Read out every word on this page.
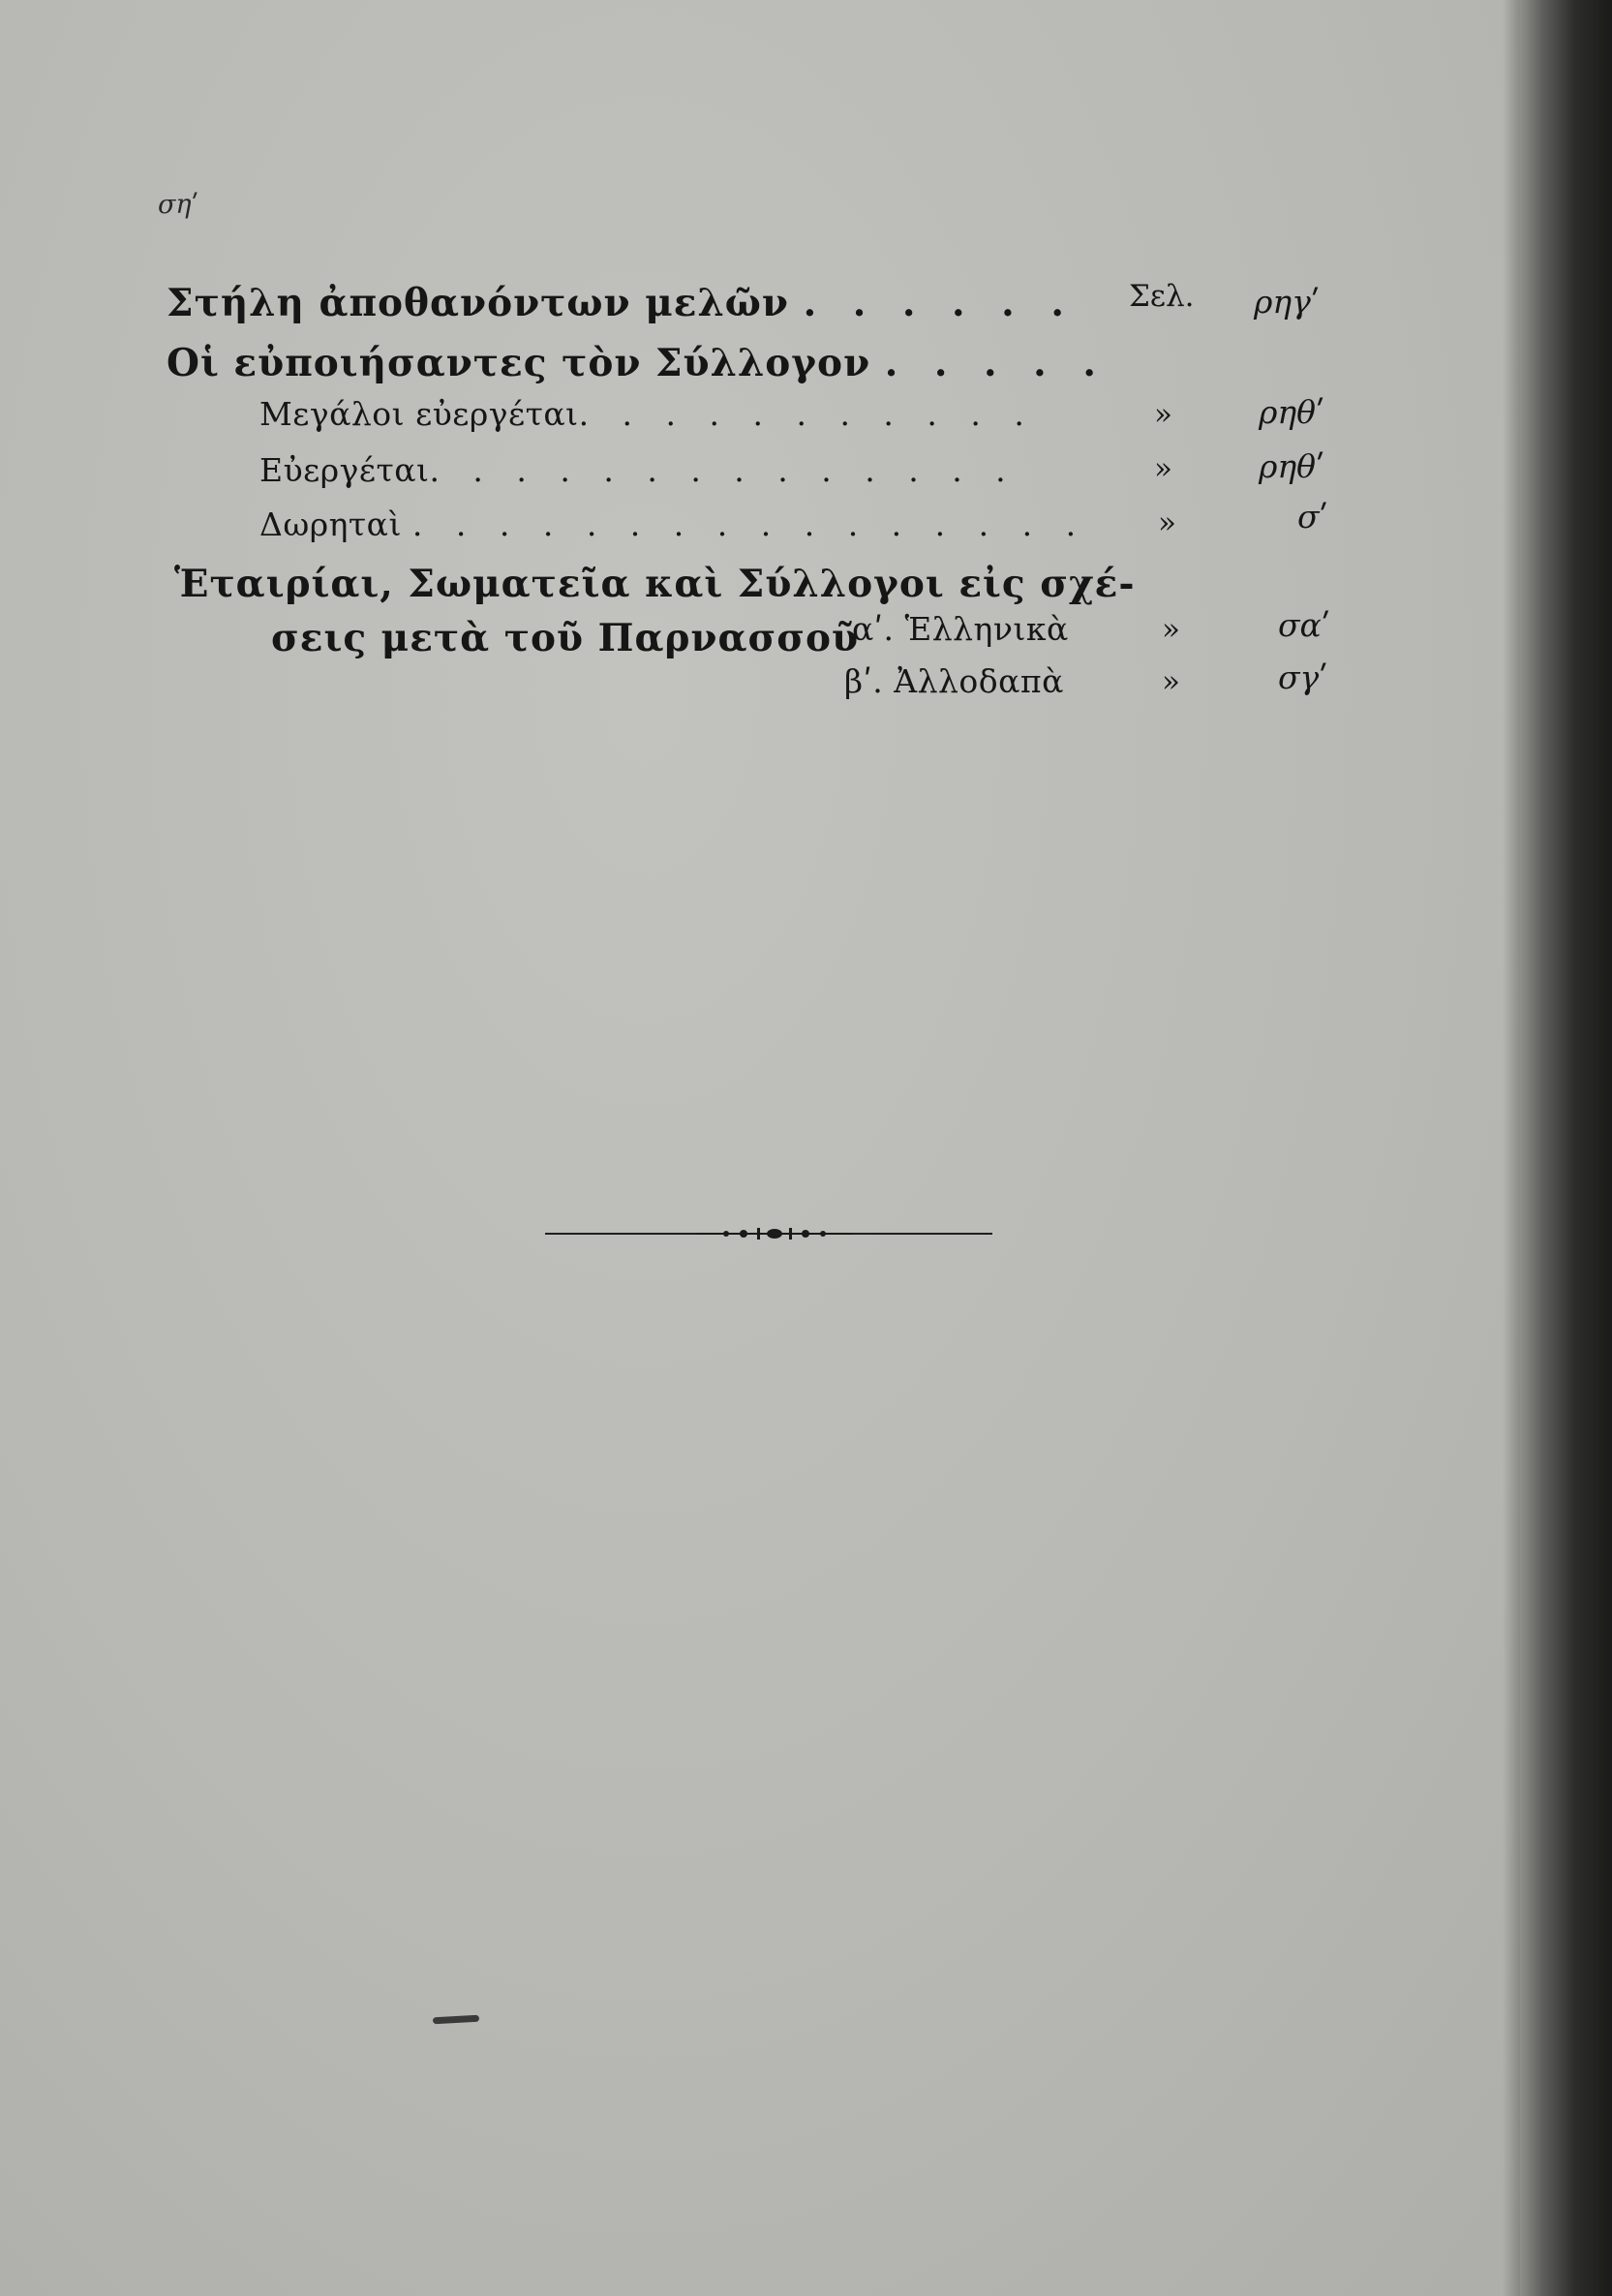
σηʹ
Στήλη ἀποθανόντων μελῶν . . . . . . Σελ. ρηγʹ
Οἱ εὐποιήσαντες τὸν Σύλλογον . . . . .
Μεγάλοι εὐεργέται. . . . . . . . . . .	»	ρηθʹ
Εὐεργέται. . . . . . . . . . . . . .	»	ρηθʹ
Δωρηταὶ . . . . . . . . . . . . . . . . »	σʹ
Ἑταιρίαι, Σωματεῖα καὶ Σύλλογοι εἰς σχέ-
σεις μετὰ τοῦ Παρνασσοῦ
αʹ. Ἑλληνικὰ	»	σαʹ
βʹ. Ἀλλοδαπὰ	»	σγʹ
